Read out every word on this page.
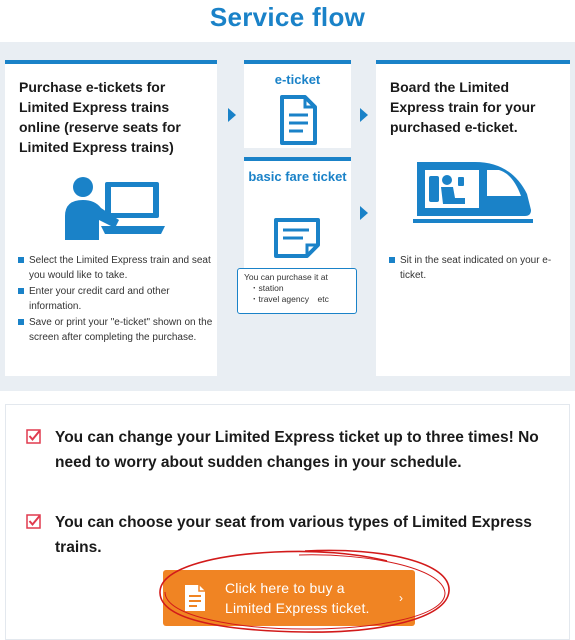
Service flow
Purchase e-tickets for Limited Express trains online (reserve seats for Limited Express trains)
Select the Limited Express train and seat you would like to take.
Enter your credit card and other information.
Save or print your "e-ticket" shown on the screen after completing the purchase.
e-ticket
basic fare ticket
You can purchase it at
・station
・travel agency　etc
Board the Limited Express train for your purchased e-ticket.
Sit in the seat indicated on your e-ticket.
You can change your Limited Express ticket up to three times! No need to worry about sudden changes in your schedule.
You can choose your seat from various types of Limited Express trains.
Click here to buy a
Limited Express ticket.
›
